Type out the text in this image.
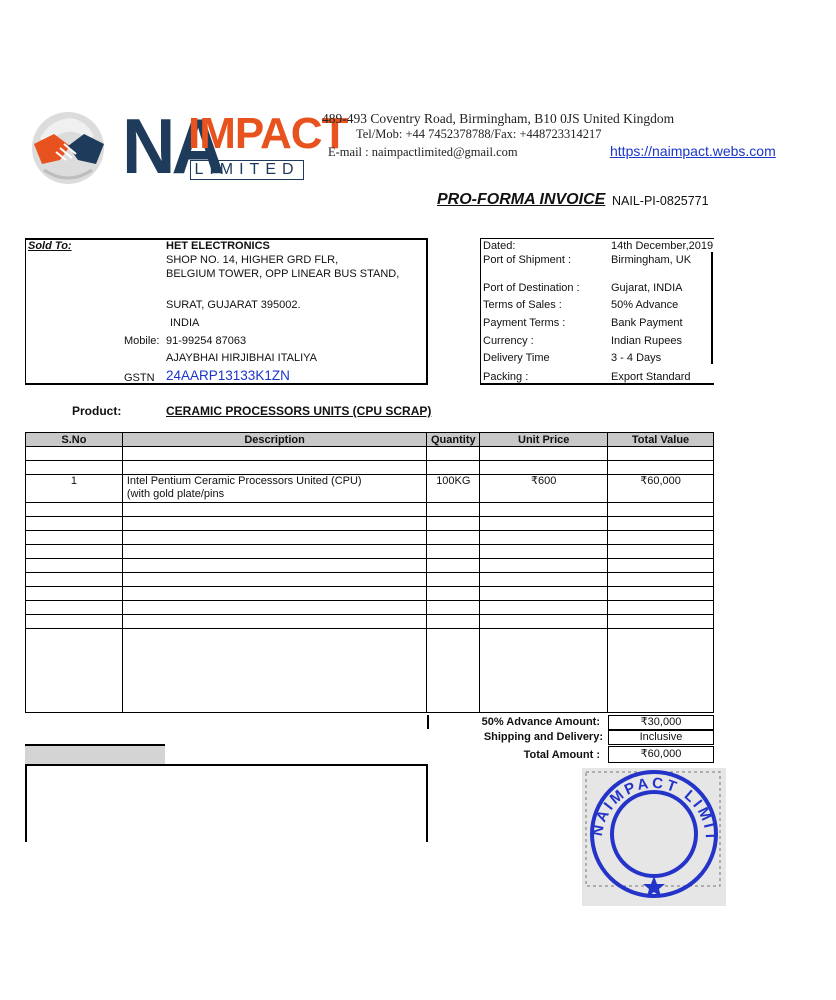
NA
IMPACT
LIMITED
489-493 Coventry Road, Birmingham, B10 0JS United Kingdom
Tel/Mob: +44 7452378788/Fax: +448723314217
E-mail : naimpactlimited@gmail.com	https://naimpact.webs.com
PRO-FORMA INVOICE NAIL-PI-0825771
Sold To:	HET ELECTRONICS
SHOP NO. 14, HIGHER GRD FLR,
BELGIUM TOWER, OPP LINEAR BUS STAND,
SURAT, GUJARAT 395002.
INDIA
Mobile: 91-99254 87063
AJAYBHAI HIRJIBHAI ITALIYA
GSTN 24AARP13133K1ZN
Dated:	14th December,2019
Port of Shipment :	Birmingham, UK
Port of Destination :	Gujarat, INDIA
Terms of Sales :	50% Advance
Payment Terms :	Bank Payment
Currency :	Indian Rupees
Delivery Time	3 - 4 Days
Packing :	Export Standard
Product:	CERAMIC PROCESSORS UNITS (CPU SCRAP)
S.No	Description	Quantity	Unit Price	Total Value

1	Intel Pentium Ceramic Processors United (CPU)
(with gold plate/pins	100KG	₹600	₹60,000

50% Advance Amount:	₹30,000
Shipping and Delivery:	Inclusive
Total Amount :	₹60,000
NAIMPACT LIMIT
